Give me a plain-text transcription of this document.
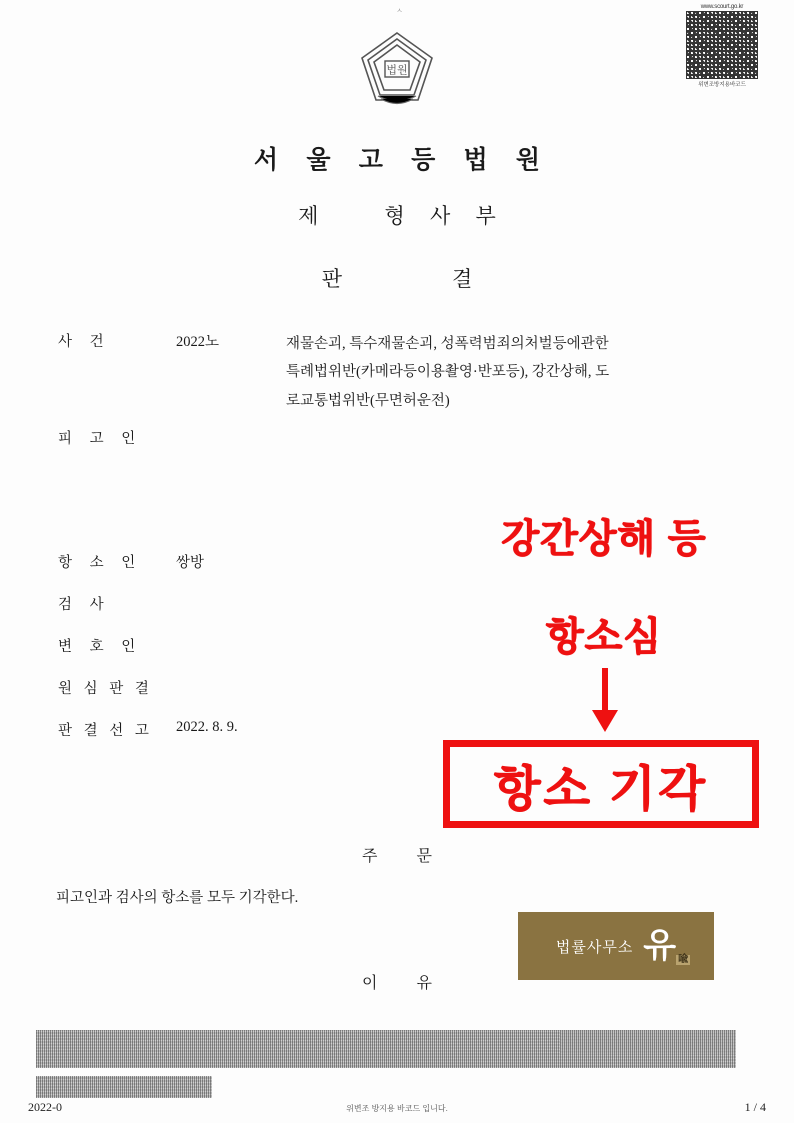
ㅅ	www.scourt.go.kr
위변조방지용바코드
법원
서 울 고 등 법 원
제	형 사 부
판	결
사 건	2022노	재물손괴, 특수재물손괴, 성폭력범죄의처벌등에관한
특례법위반(카메라등이용촬영·반포등), 강간상해, 도
로교통법위반(무면허운전)
피 고 인
항 소 인	쌍방
검 사
변 호 인
원 심 판 결
판 결 선 고	2022. 8. 9.
주 문
피고인과 검사의 항소를 모두 기각한다.
이 유
강간상해 등
항소심
항소 기각
법률사무소 유 喩
2022-0	위변조 방지용 바코드 입니다.	1 / 4
